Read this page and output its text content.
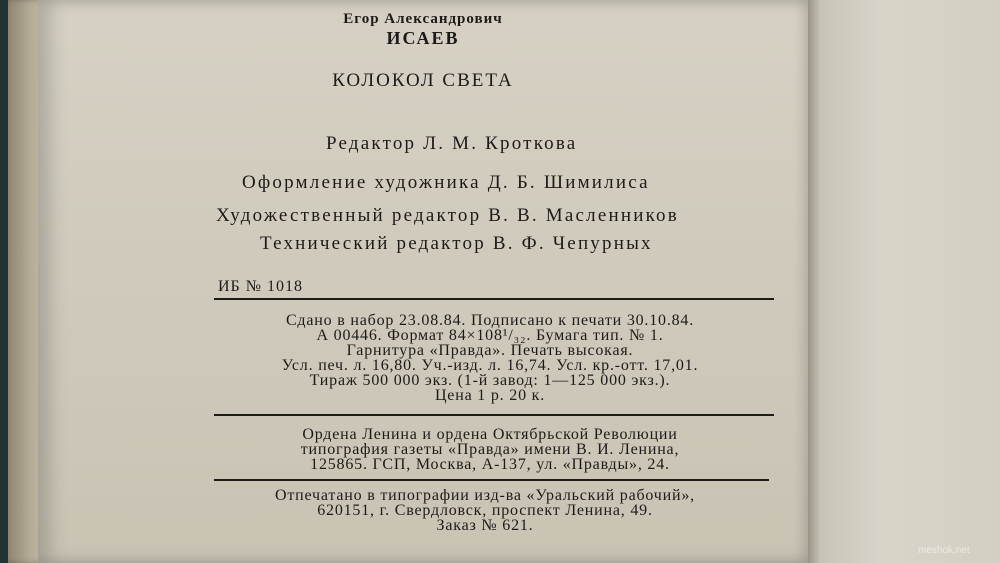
Егор Александрович
ИСАЕВ
КОЛОКОЛ СВЕТА
Редактор Л. М. Кроткова
Оформление художника Д. Б. Шимилиса
Художественный редактор В. В. Масленников
Технический редактор В. Ф. Чепурных
ИБ № 1018
Сдано в набор 23.08.84. Подписано к печати 30.10.84.
А 00446. Формат 84×108¹/₃₂. Бумага тип. № 1.
Гарнитура «Правда». Печать высокая.
Усл. печ. л. 16,80. Уч.-изд. л. 16,74. Усл. кр.-отт. 17,01.
Тираж 500 000 экз. (1-й завод: 1—125 000 экз.).
Цена 1 р. 20 к.
Ордена Ленина и ордена Октябрьской Революции
типография газеты «Правда» имени В. И. Ленина,
125865. ГСП, Москва, А-137, ул. «Правды», 24.
Отпечатано в типографии изд-ва «Уральский рабочий»,
620151, г. Свердловск, проспект Ленина, 49.
Заказ № 621.
meshok.net
